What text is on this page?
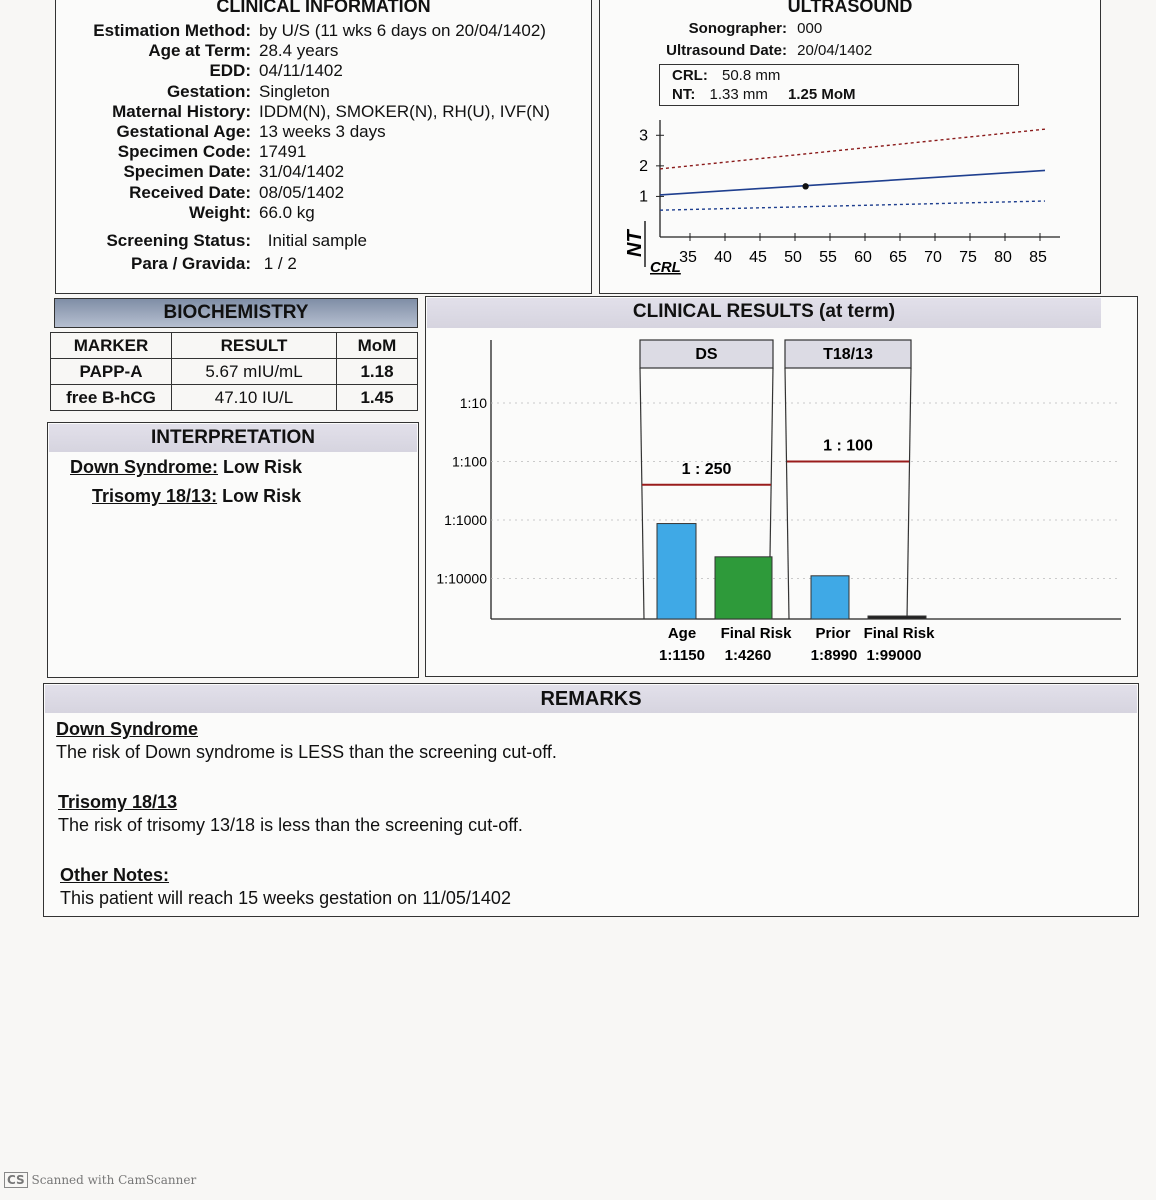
CLINICAL INFORMATION
Estimation Method: by U/S (11 wks 6 days on 20/04/1402)
Age at Term: 28.4 years
EDD: 04/11/1402
Gestation: Singleton
Maternal History: IDDM(N), SMOKER(N), RH(U), IVF(N)
Gestational Age: 13 weeks 3 days
Specimen Code: 17491
Specimen Date: 31/04/1402
Received Date: 08/05/1402
Weight: 66.0 kg
Screening Status: Initial sample
Para / Gravida: 1 / 2
ULTRASOUND
Sonographer: 000
Ultrasound Date: 20/04/1402
CRL: 50.8 mm
NT: 1.33 mm 1.25 MoM
35 40 45 50 55 60 65 70 75 80 85
1
2
3
NT
CRL
BIOCHEMISTRY
MARKER	RESULT	MoM
PAPP-A	5.67 mIU/mL	1.18
free B-hCG	47.10 IU/L	1.45
INTERPRETATION
Down Syndrome: Low Risk
Trisomy 18/13: Low Risk
CLINICAL RESULTS (at term)
1:10
1:100
1:1000
1:10000
DS
1 : 250
T18/13
1 : 100
Age
1:1150
Final Risk
1:4260
Prior
1:8990
Final Risk
1:99000
REMARKS
Down Syndrome
The risk of Down syndrome is LESS than the screening cut-off.
Trisomy 18/13
The risk of trisomy 13/18 is less than the screening cut-off.
Other Notes:
This patient will reach 15 weeks gestation on 11/05/1402
CS Scanned with CamScanner
